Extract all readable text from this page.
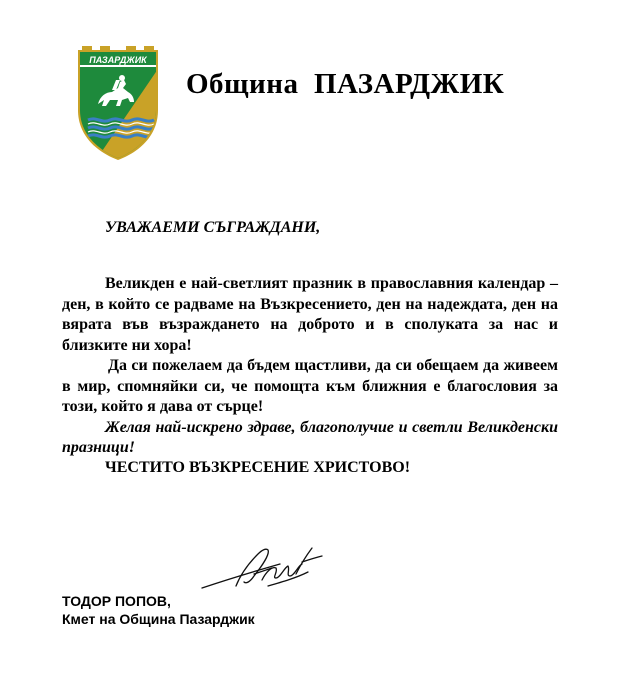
ПАЗАРДЖИК
Община  ПАЗАРДЖИК
УВАЖАЕМИ СЪГРАЖДАНИ,

Великден е най-светлият празник в православния календар – ден, в който се радваме на Възкресението, ден на надеждата, ден на вярата във възраждането на доброто и в сполуката за нас и близките ни хора!

Да си пожелаем да бъдем щастливи, да си обещаем да живеем в мир, спомняйки си, че помощта към ближния е благословия за този, който я дава от сърце!

Желая най-искрено здраве, благополучие и светли Великденски празници!

ЧЕСТИТО ВЪЗКРЕСЕНИЕ ХРИСТОВО!
ТОДОР ПОПОВ,
Кмет на Община Пазарджик
